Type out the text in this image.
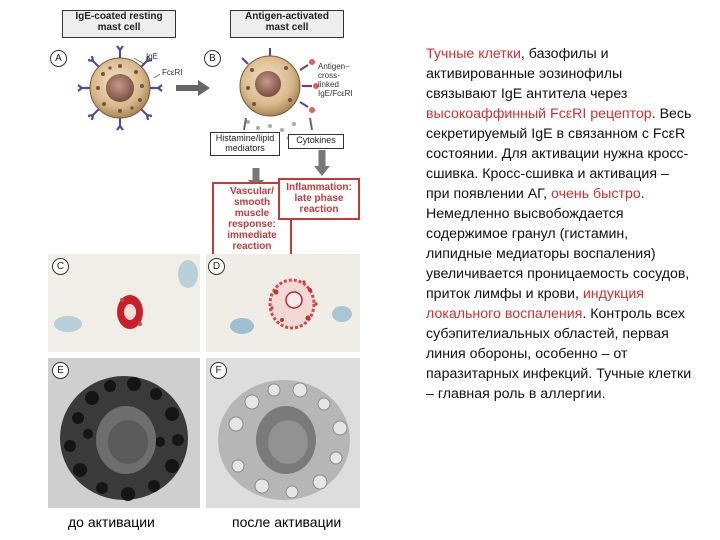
IgE-coated resting
mast cell
Antigen-activated
mast cell
A	B
IgE
FcεRI
Antigen–
cross-linked
IgE/FcεRI
Histamine/lipid
mediators
Cytokines
Vascular/
smooth
muscle
response:
immediate
reaction
Inflammation:
late phase
reaction
C	D
E	F
Тучные клетки, базофилы и активированные эозинофилы связывают IgE антитела через высокоаффинный FcεRI рецептор. Весь секретируемый IgE в связанном с FcεR состоянии. Для активации нужна кросс-сшивка. Кросс-сшивка и активация – при появлении АГ, очень быстро. Немедленно высвобождается содержимое гранул (гистамин, липидные медиаторы воспаления) увеличивается проницаемость сосудов, приток лимфы и крови, индукция локального воспаления. Контроль всех субэпителиальных областей, первая линия обороны, особенно – от паразитарных инфекций. Тучные клетки – главная роль в аллергии.
до активации	после активации
